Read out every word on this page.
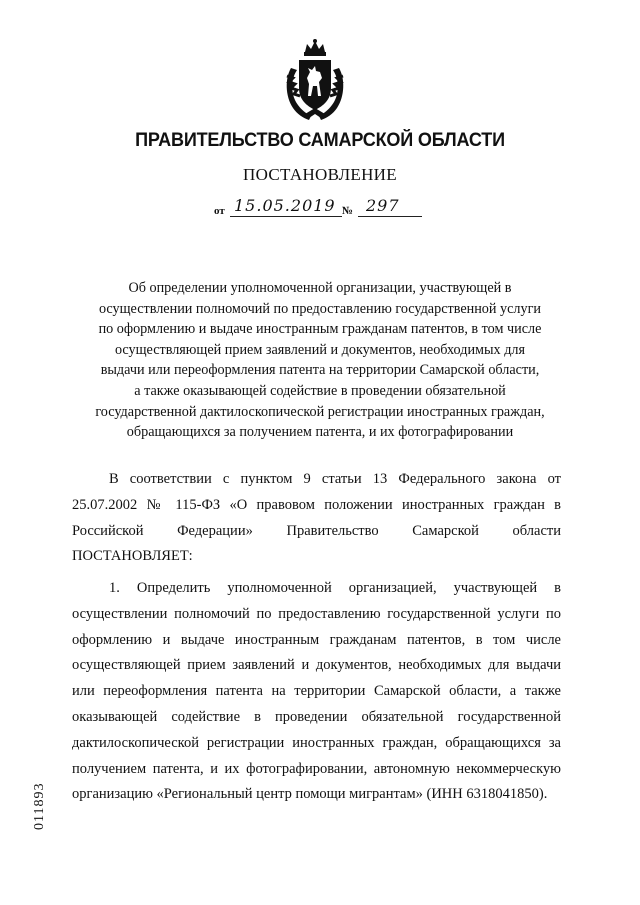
ПРАВИТЕЛЬСТВО САМАРСКОЙ ОБЛАСТИ
ПОСТАНОВЛЕНИЕ
от 15.05.2019 № 297
Об определении уполномоченной организации, участвующей в
осуществлении полномочий по предоставлению государственной услуги
по оформлению и выдаче иностранным гражданам патентов, в том числе
осуществляющей прием заявлений и документов, необходимых для
выдачи или переоформления патента на территории Самарской области,
а также оказывающей содействие в проведении обязательной
государственной дактилоскопической регистрации иностранных граждан,
обращающихся за получением патента, и их фотографировании
В соответствии с пунктом 9 статьи 13 Федерального закона от 25.07.2002 № 115-ФЗ «О правовом положении иностранных граждан в Российской Федерации» Правительство Самарской области ПОСТАНОВЛЯЕТ:
1. Определить уполномоченной организацией, участвующей в осуществлении полномочий по предоставлению государственной услуги по оформлению и выдаче иностранным гражданам патентов, в том числе осуществляющей прием заявлений и документов, необходимых для выдачи или переоформления патента на территории Самарской области, а также оказывающей содействие в проведении обязательной государственной дактилоскопической регистрации иностранных граждан, обращающихся за получением патента, и их фотографировании, автономную некоммерческую организацию «Региональный центр помощи мигрантам» (ИНН 6318041850).
011893
